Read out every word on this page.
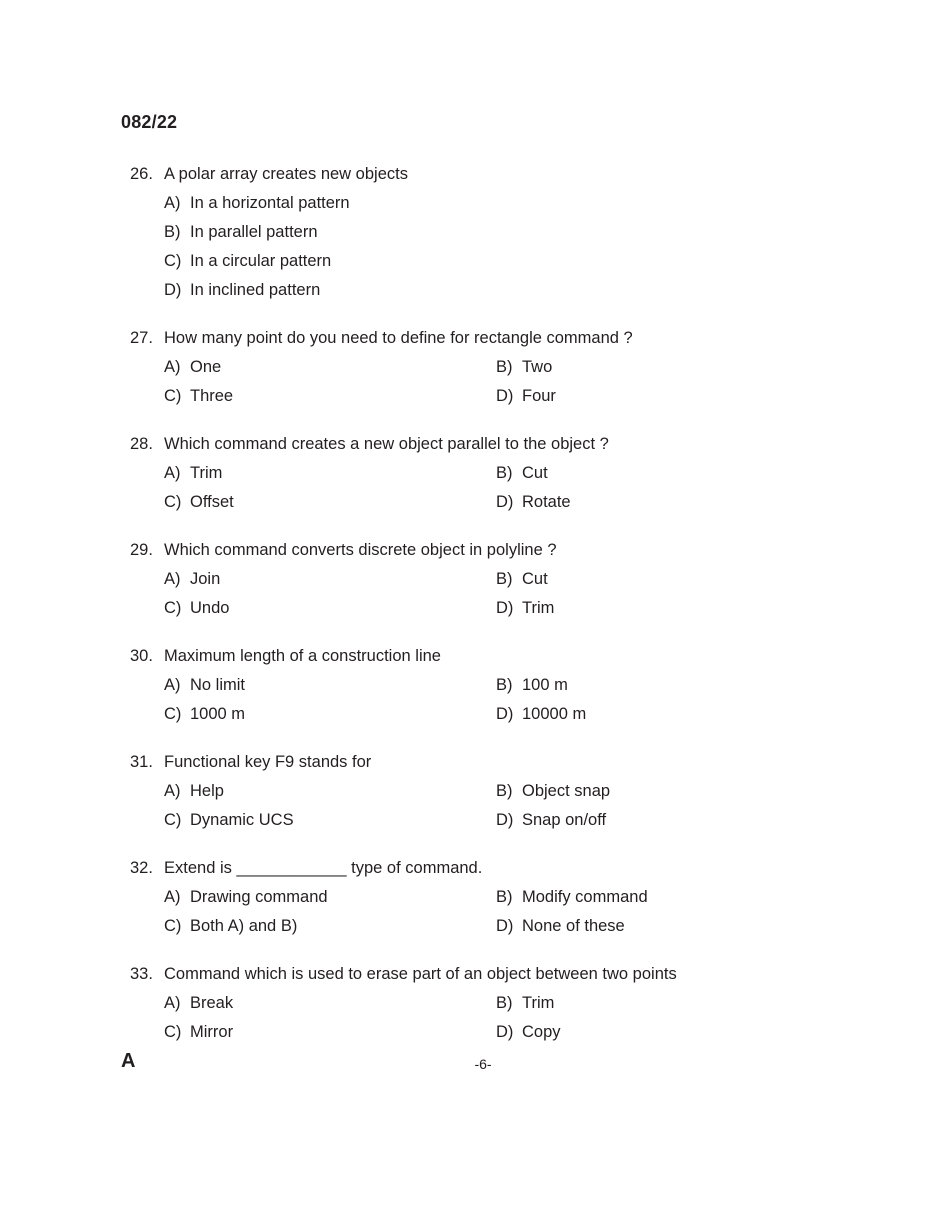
082/22
26. A polar array creates new objects
A) In a horizontal pattern
B) In parallel pattern
C) In a circular pattern
D) In inclined pattern
27. How many point do you need to define for rectangle command ?
A) One	B) Two
C) Three	D) Four
28. Which command creates a new object parallel to the object ?
A) Trim	B) Cut
C) Offset	D) Rotate
29. Which command converts discrete object in polyline ?
A) Join	B) Cut
C) Undo	D) Trim
30. Maximum length of a construction line
A) No limit	B) 100 m
C) 1000 m	D) 10000 m
31. Functional key F9 stands for
A) Help	B) Object snap
C) Dynamic UCS	D) Snap on/off
32. Extend is ____________ type of command.
A) Drawing command	B) Modify command
C) Both A) and B)	D) None of these
33. Command which is used to erase part of an object between two points
A) Break	B) Trim
C) Mirror	D) Copy
A	-6-
